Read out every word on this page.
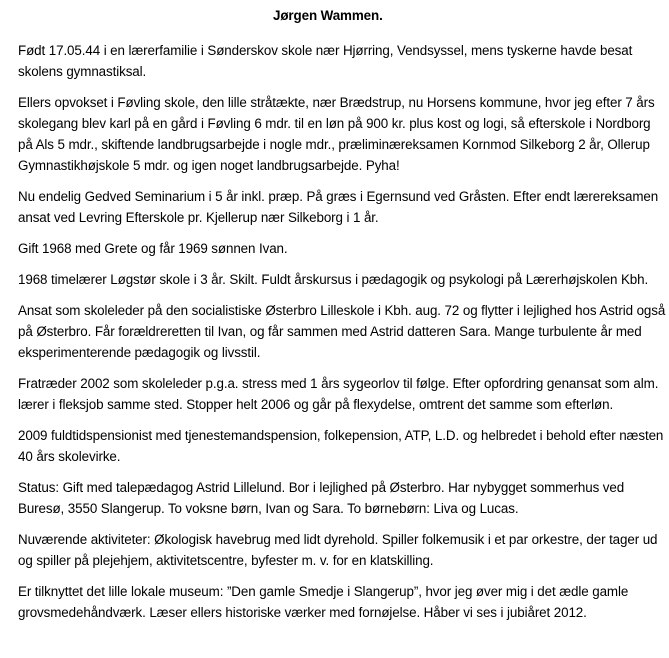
Jørgen Wammen.

Født 17.05.44 i en lærerfamilie i Sønderskov skole nær Hjørring, Vendsyssel, mens tyskerne havde besat skolens gymnastiksal.

Ellers opvokset i Føvling skole, den lille stråtækte, nær Brædstrup, nu Horsens kommune, hvor jeg efter 7 års skolegang blev karl på en gård i Føvling 6 mdr. til en løn på 900 kr. plus kost og logi, så efterskole i Nordborg på Als 5 mdr., skiftende landbrugsarbejde i nogle mdr., præliminæreksamen Kornmod Silkeborg 2 år, Ollerup Gymnastikhøjskole 5 mdr. og igen noget landbrugsarbejde. Pyha!

Nu endelig Gedved Seminarium i 5 år inkl. præp. På græs i Egernsund ved Gråsten. Efter endt lærereksamen ansat ved Levring Efterskole pr. Kjellerup nær Silkeborg i 1 år.

Gift 1968 med Grete og får 1969 sønnen Ivan.

1968 timelærer Løgstør skole i 3 år. Skilt. Fuldt årskursus i pædagogik og psykologi på Lærerhøjskolen Kbh.

Ansat som skoleleder på den socialistiske Østerbro Lilleskole i Kbh. aug. 72 og flytter i lejlighed hos Astrid også på Østerbro. Får forældreretten til Ivan, og får sammen med Astrid datteren Sara. Mange turbulente år med eksperimenterende pædagogik og livsstil.

Fratræder 2002 som skoleleder p.g.a. stress med 1 års sygeorlov til følge. Efter opfordring genansat som alm. lærer i fleksjob samme sted. Stopper helt 2006 og går på flexydelse, omtrent det samme som efterløn.

2009 fuldtidspensionist med tjenestemandspension, folkepension, ATP, L.D. og helbredet i behold efter næsten 40 års skolevirke.

Status: Gift med talepædagog Astrid Lillelund. Bor i lejlighed på Østerbro. Har nybygget sommerhus ved Buresø, 3550 Slangerup. To voksne børn, Ivan og Sara. To børnebørn: Liva og Lucas.

Nuværende aktiviteter: Økologisk havebrug med lidt dyrehold. Spiller folkemusik i et par orkestre, der tager ud og spiller på plejehjem, aktivitetscentre, byfester m. v. for en klatskilling.

Er tilknyttet det lille lokale museum: ”Den gamle Smedje i Slangerup”, hvor jeg øver mig i det ædle gamle grovsmedehåndværk. Læser ellers historiske værker med fornøjelse. Håber vi ses i jubiåret 2012.
